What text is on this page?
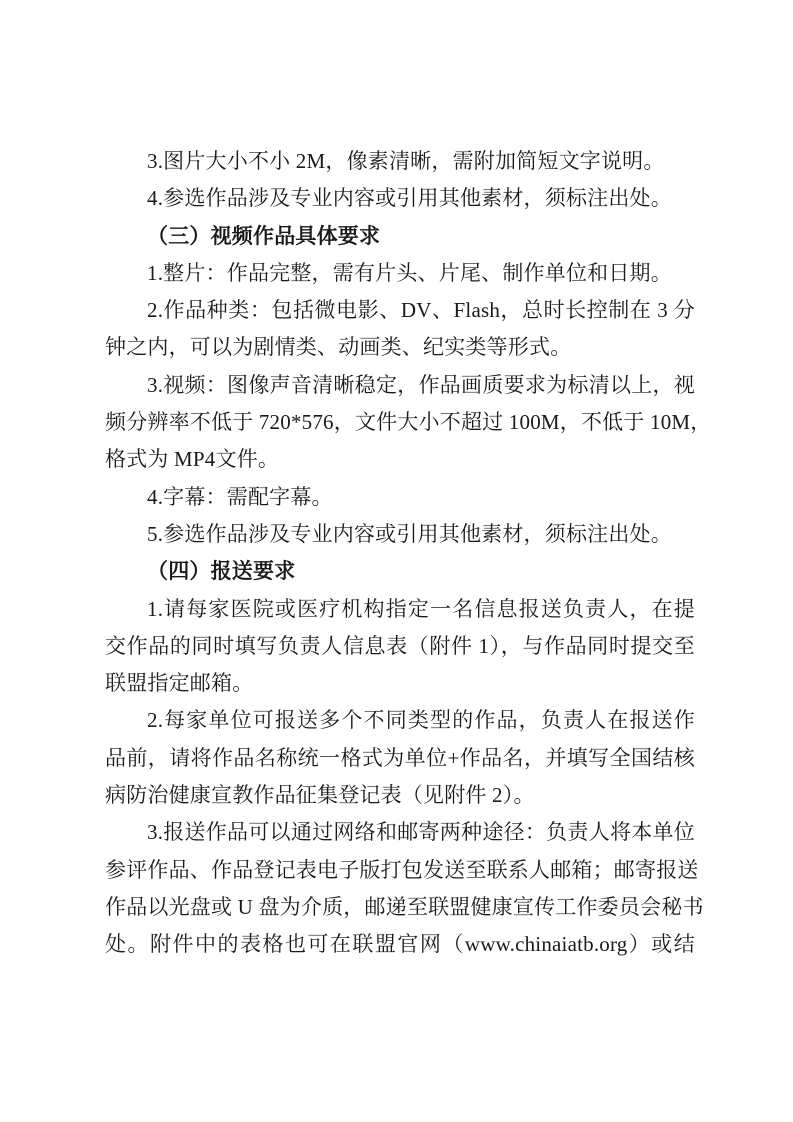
3.图片大小不小 2M，像素清晰，需附加简短文字说明。

4.参选作品涉及专业内容或引用其他素材，须标注出处。

（三）视频作品具体要求

1.整片：作品完整，需有片头、片尾、制作单位和日期。

2.作品种类：包括微电影、DV、Flash，总时长控制在 3 分
钟之内，可以为剧情类、动画类、纪实类等形式。

3.视频：图像声音清晰稳定，作品画质要求为标清以上，视
频分辨率不低于 720*576，文件大小不超过 100M，不低于 10M，
格式为 MP4文件。

4.字幕：需配字幕。

5.参选作品涉及专业内容或引用其他素材，须标注出处。

（四）报送要求

1.请每家医院或医疗机构指定一名信息报送负责人，在提
交作品的同时填写负责人信息表（附件 1），与作品同时提交至
联盟指定邮箱。

2.每家单位可报送多个不同类型的作品，负责人在报送作
品前，请将作品名称统一格式为单位+作品名，并填写全国结核
病防治健康宣教作品征集登记表（见附件 2）。

3.报送作品可以通过网络和邮寄两种途径：负责人将本单位
参评作品、作品登记表电子版打包发送至联系人邮箱；邮寄报送
作品以光盘或 U 盘为介质，邮递至联盟健康宣传工作委员会秘书
处。附件中的表格也可在联盟官网（www.chinaiatb.org）或结
